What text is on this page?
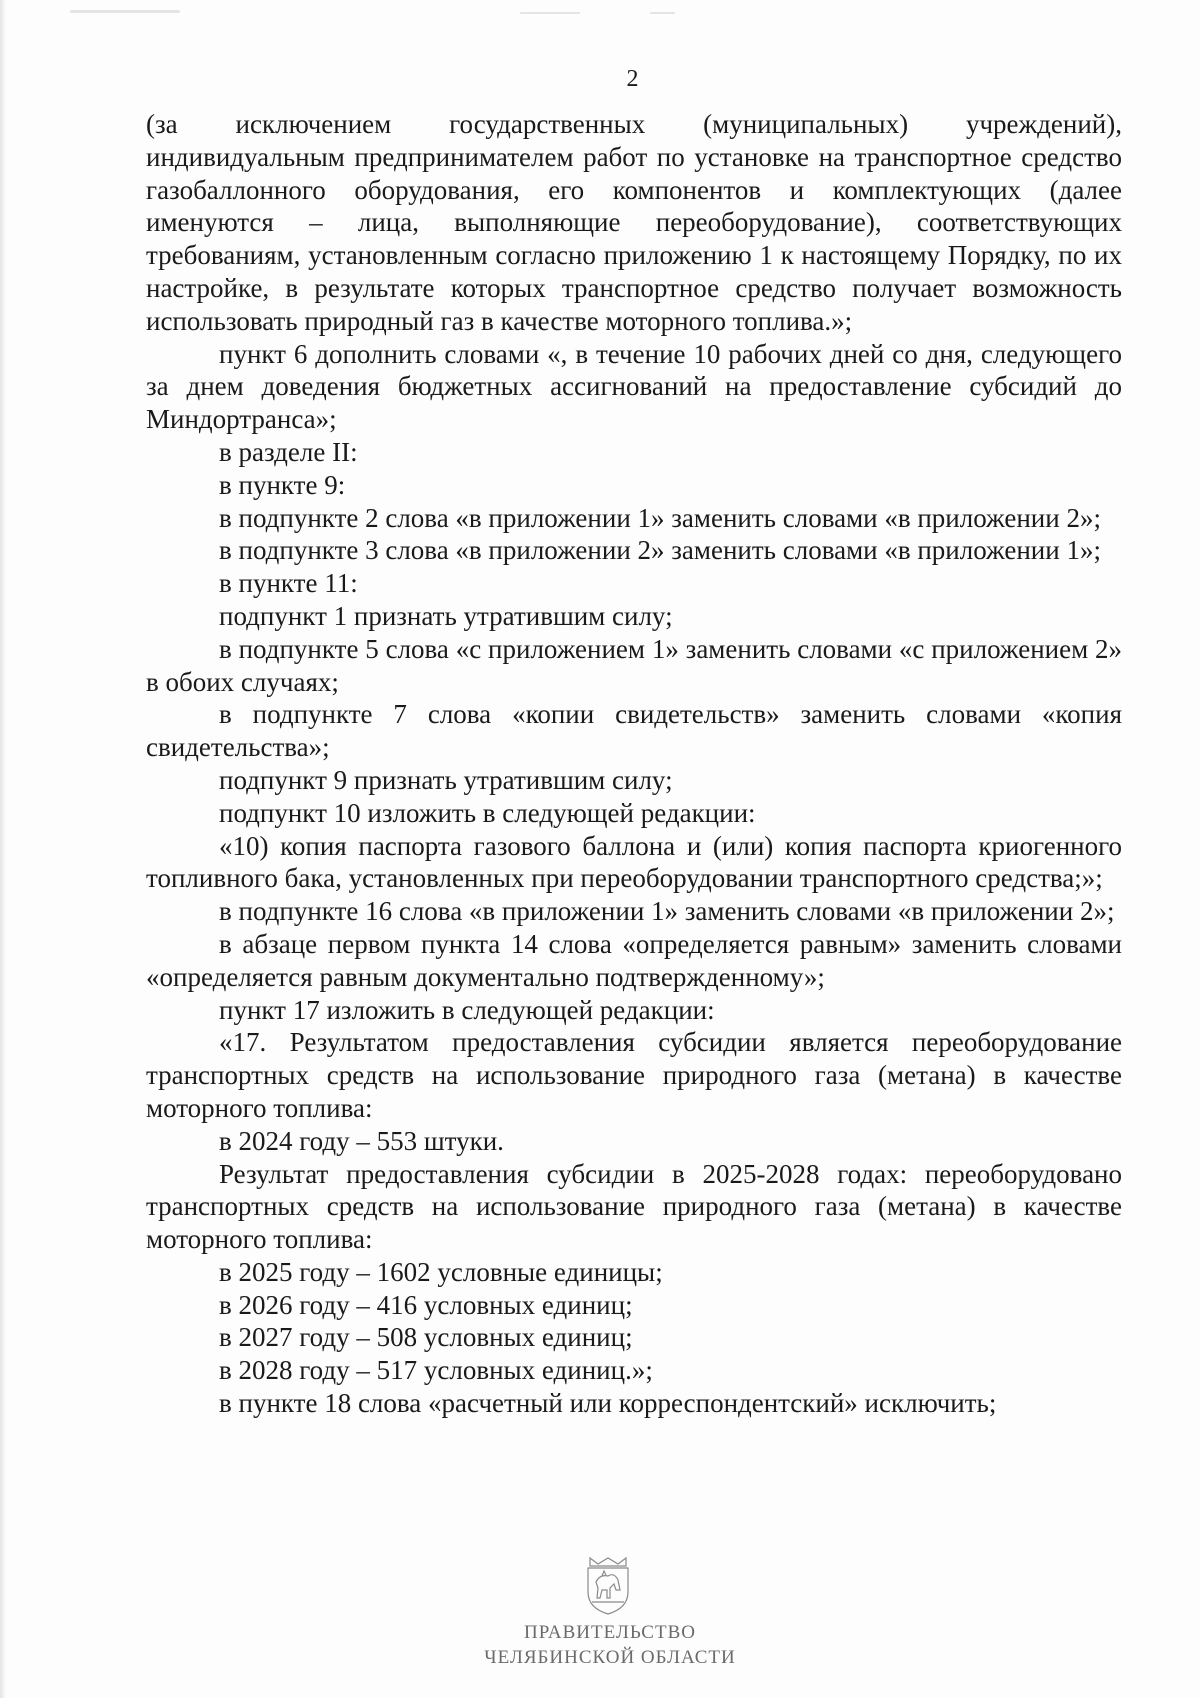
2

(за исключением государственных (муниципальных) учреждений), индивидуальным предпринимателем работ по установке на транспортное средство газобаллонного оборудования, его компонентов и комплектующих (далее именуются – лица, выполняющие переоборудование), соответствующих требованиям, установленным согласно приложению 1 к настоящему Порядку, по их настройке, в результате которых транспортное средство получает возможность использовать природный газ в качестве моторного топлива.»;

пункт 6 дополнить словами «, в течение 10 рабочих дней со дня, следующего за днем доведения бюджетных ассигнований на предоставление субсидий до Миндортранса»;

в разделе II:

в пункте 9:

в подпункте 2 слова «в приложении 1» заменить словами «в приложении 2»;

в подпункте 3 слова «в приложении 2» заменить словами «в приложении 1»;

в пункте 11:

подпункт 1 признать утратившим силу;

в подпункте 5 слова «с приложением 1» заменить словами «с приложением 2» в обоих случаях;

в подпункте 7 слова «копии свидетельств» заменить словами «копия свидетельства»;

подпункт 9 признать утратившим силу;

подпункт 10 изложить в следующей редакции:

«10) копия паспорта газового баллона и (или) копия паспорта криогенного топливного бака, установленных при переоборудовании транспортного средства;»;

в подпункте 16 слова «в приложении 1» заменить словами «в приложении 2»;

в абзаце первом пункта 14 слова «определяется равным» заменить словами «определяется равным документально подтвержденному»;

пункт 17 изложить в следующей редакции:

«17. Результатом предоставления субсидии является переоборудование транспортных средств на использование природного газа (метана) в качестве моторного топлива:

в 2024 году – 553 штуки.

Результат предоставления субсидии в 2025-2028 годах: переоборудовано транспортных средств на использование природного газа (метана) в качестве моторного топлива:

в 2025 году – 1602 условные единицы;

в 2026 году – 416 условных единиц;

в 2027 году – 508 условных единиц;

в 2028 году – 517 условных единиц.»;

в пункте 18 слова «расчетный или корреспондентский» исключить;

ПРАВИТЕЛЬСТВО
ЧЕЛЯБИНСКОЙ ОБЛАСТИ
